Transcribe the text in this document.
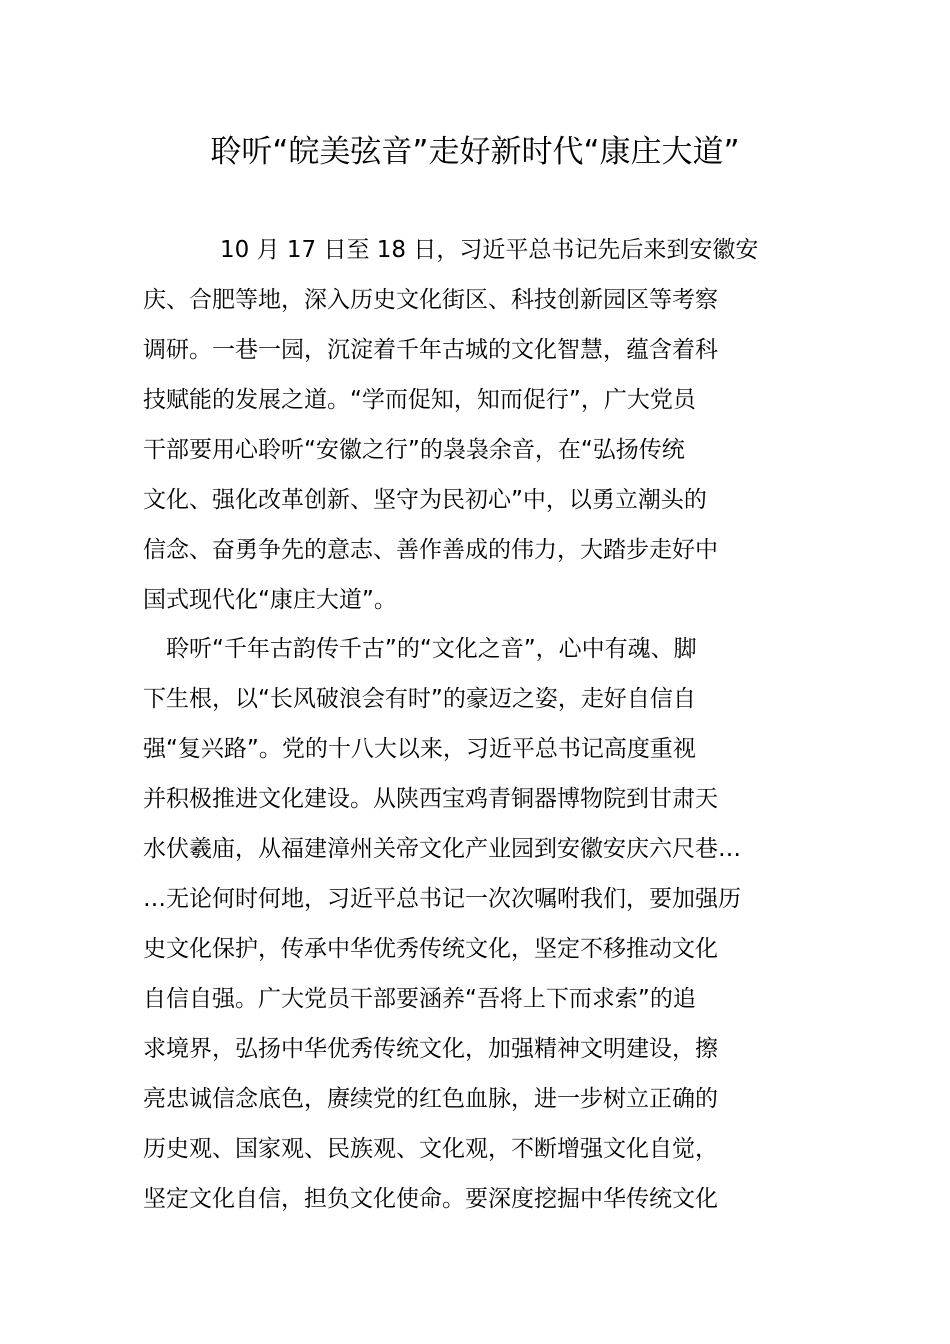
聆听“皖美弦音”走好新时代“康庄大道”

10 月 17 日至 18 日，习近平总书记先后来到安徽安

庆、合肥等地，深入历史文化街区、科技创新园区等考察

调研。一巷一园，沉淀着千年古城的文化智慧，蕴含着科

技赋能的发展之道。“学而促知，知而促行”，广大党员

干部要用心聆听“安徽之行”的袅袅余音，在“弘扬传统

文化、强化改革创新、坚守为民初心”中，以勇立潮头的

信念、奋勇争先的意志、善作善成的伟力，大踏步走好中

国式现代化“康庄大道”。

聆听“千年古韵传千古”的“文化之音”，心中有魂、脚

下生根，以“长风破浪会有时”的豪迈之姿，走好自信自

强“复兴路”。党的十八大以来，习近平总书记高度重视

并积极推进文化建设。从陕西宝鸡青铜器博物院到甘肃天

水伏羲庙，从福建漳州关帝文化产业园到安徽安庆六尺巷…

…无论何时何地，习近平总书记一次次嘱咐我们，要加强历

史文化保护，传承中华优秀传统文化，坚定不移推动文化

自信自强。广大党员干部要涵养“吾将上下而求索”的追

求境界，弘扬中华优秀传统文化，加强精神文明建设，擦

亮忠诚信念底色，赓续党的红色血脉，进一步树立正确的

历史观、国家观、民族观、文化观，不断增强文化自觉，

坚定文化自信，担负文化使命。要深度挖掘中华传统文化
